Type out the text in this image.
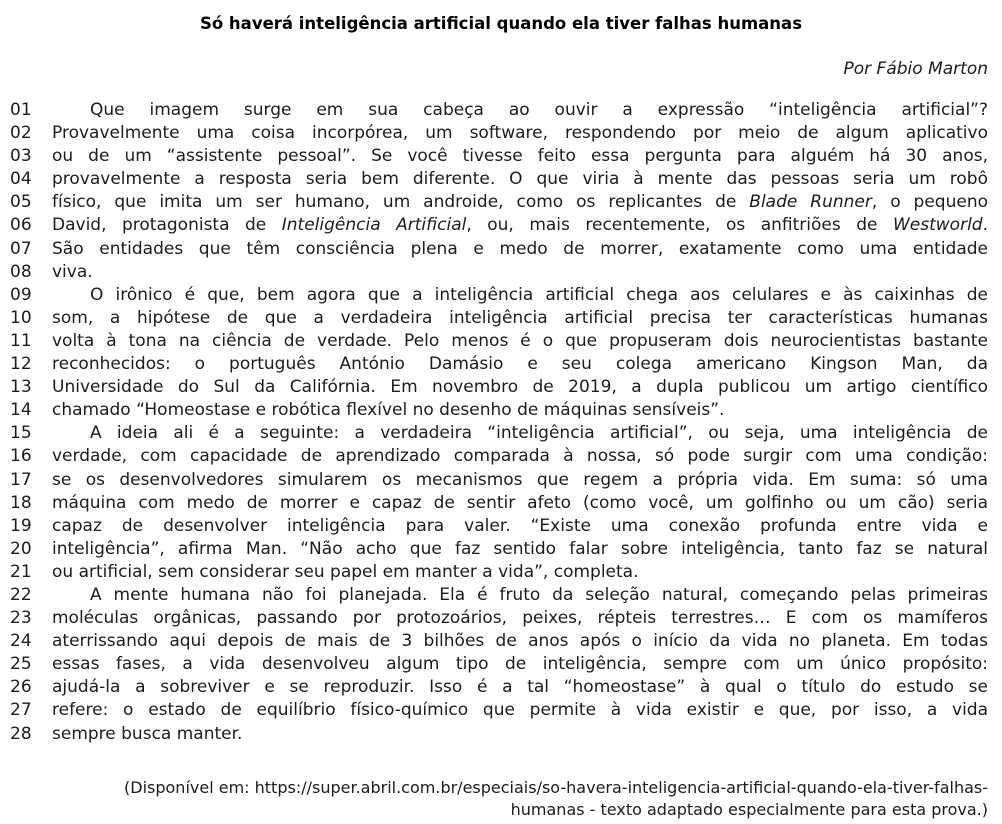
Só haverá inteligência artificial quando ela tiver falhas humanas
Por Fábio Marton
01	Que imagem surge em sua cabeça ao ouvir a expressão “inteligência artificial”?
02	Provavelmente uma coisa incorpórea, um software, respondendo por meio de algum aplicativo
03	ou de um “assistente pessoal”. Se você tivesse feito essa pergunta para alguém há 30 anos,
04	provavelmente a resposta seria bem diferente. O que viria à mente das pessoas seria um robô
05	físico, que imita um ser humano, um androide, como os replicantes de Blade Runner, o pequeno
06	David, protagonista de Inteligência Artificial, ou, mais recentemente, os anfitriões de Westworld.
07	São entidades que têm consciência plena e medo de morrer, exatamente como uma entidade
08	viva.
09	O irônico é que, bem agora que a inteligência artificial chega aos celulares e às caixinhas de
10	som, a hipótese de que a verdadeira inteligência artificial precisa ter características humanas
11	volta à tona na ciência de verdade. Pelo menos é o que propuseram dois neurocientistas bastante
12	reconhecidos: o português António Damásio e seu colega americano Kingson Man, da
13	Universidade do Sul da Califórnia. Em novembro de 2019, a dupla publicou um artigo científico
14	chamado “Homeostase e robótica flexível no desenho de máquinas sensíveis”.
15	A ideia ali é a seguinte: a verdadeira “inteligência artificial”, ou seja, uma inteligência de
16	verdade, com capacidade de aprendizado comparada à nossa, só pode surgir com uma condição:
17	se os desenvolvedores simularem os mecanismos que regem a própria vida. Em suma: só uma
18	máquina com medo de morrer e capaz de sentir afeto (como você, um golfinho ou um cão) seria
19	capaz de desenvolver inteligência para valer. “Existe uma conexão profunda entre vida e
20	inteligência”, afirma Man. “Não acho que faz sentido falar sobre inteligência, tanto faz se natural
21	ou artificial, sem considerar seu papel em manter a vida”, completa.
22	A mente humana não foi planejada. Ela é fruto da seleção natural, começando pelas primeiras
23	moléculas orgânicas, passando por protozoários, peixes, répteis terrestres… E com os mamíferos
24	aterrissando aqui depois de mais de 3 bilhões de anos após o início da vida no planeta. Em todas
25	essas fases, a vida desenvolveu algum tipo de inteligência, sempre com um único propósito:
26	ajudá-la a sobreviver e se reproduzir. Isso é a tal “homeostase” à qual o título do estudo se
27	refere: o estado de equilíbrio físico-químico que permite à vida existir e que, por isso, a vida
28	sempre busca manter.
(Disponível em: https://super.abril.com.br/especiais/so-havera-inteligencia-artificial-quando-ela-tiver-falhas-
humanas - texto adaptado especialmente para esta prova.)
